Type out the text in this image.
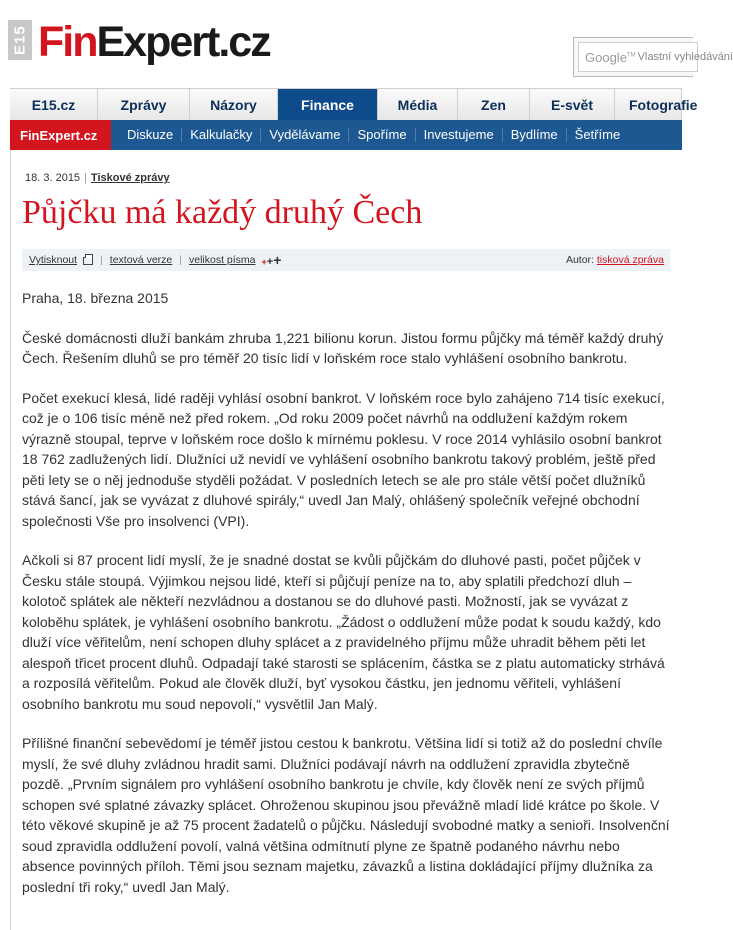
E15 FinExpert.cz	Google™ Vlastní vyhledávání
E15.cz	Zprávy	Názory	Finance	Média	Zen	E-svět	Fotografie
FinExpert.cz	Diskuze	Kalkulačky	Vydělávame	Spoříme	Investujeme	Bydlíme	Šetříme
18. 3. 2015 | Tiskové zprávy
Půjčku má každý druhý Čech
Vytisknout | textová verze | velikost písma +++	Autor: tisková zpráva

Praha, 18. března 2015

České domácnosti dluží bankám zhruba 1,221 bilionu korun. Jistou formu půjčky má téměř každý druhý Čech. Řešením dluhů se pro téměř 20 tisíc lidí v loňském roce stalo vyhlášení osobního bankrotu.

Počet exekucí klesá, lidé raději vyhlásí osobní bankrot. V loňském roce bylo zahájeno 714 tisíc exekucí, což je o 106 tisíc méně než před rokem. „Od roku 2009 počet návrhů na oddlužení každým rokem výrazně stoupal, teprve v loňském roce došlo k mírnému poklesu. V roce 2014 vyhlásilo osobní bankrot 18 762 zadlužených lidí. Dlužníci už nevidí ve vyhlášení osobního bankrotu takový problém, ještě před pěti lety se o něj jednoduše styděli požádat. V posledních letech se ale pro stále větší počet dlužníků stává šancí, jak se vyvázat z dluhové spirály,“ uvedl Jan Malý, ohlášený společník veřejné obchodní společnosti Vše pro insolvenci (VPI).

Ačkoli si 87 procent lidí myslí, že je snadné dostat se kvůli půjčkám do dluhové pasti, počet půjček v Česku stále stoupá. Výjimkou nejsou lidé, kteří si půjčují peníze na to, aby splatili předchozí dluh – kolotoč splátek ale někteří nezvládnou a dostanou se do dluhové pasti. Možností, jak se vyvázat z koloběhu splátek, je vyhlášení osobního bankrotu. „Žádost o oddlužení může podat k soudu každý, kdo dluží více věřitelům, není schopen dluhy splácet a z pravidelného příjmu může uhradit během pěti let alespoň třicet procent dluhů. Odpadají také starosti se splácením, částka se z platu automaticky strhává a rozposílá věřitelům. Pokud ale člověk dluží, byť vysokou částku, jen jednomu věřiteli, vyhlášení osobního bankrotu mu soud nepovolí,“ vysvětlil Jan Malý.

Přílišné finanční sebevědomí je téměř jistou cestou k bankrotu. Většina lidí si totiž až do poslední chvíle myslí, že své dluhy zvládnou hradit sami. Dlužníci podávají návrh na oddlužení zpravidla zbytečně pozdě. „Prvním signálem pro vyhlášení osobního bankrotu je chvíle, kdy člověk není ze svých příjmů schopen své splatné závazky splácet. Ohroženou skupinou jsou převážně mladí lidé krátce po škole. V této věkové skupině je až 75 procent žadatelů o půjčku. Následují svobodné matky a senioři. Insolvenční soud zpravidla oddlužení povolí, valná většina odmítnutí plyne ze špatně podaného návrhu nebo absence povinných příloh. Těmi jsou seznam majetku, závazků a listina dokládající příjmy dlužníka za poslední tři roky,“ uvedl Jan Malý.
